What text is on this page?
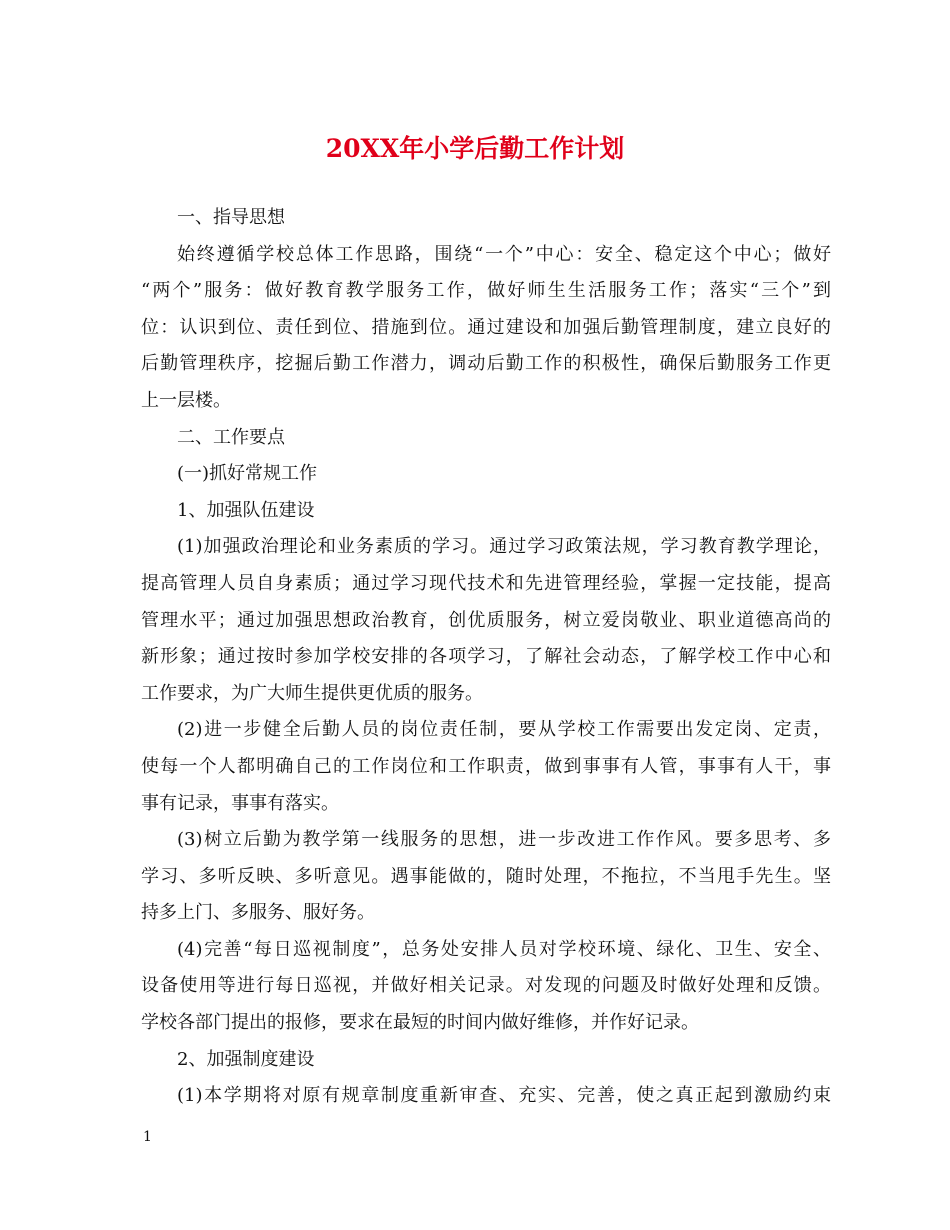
20XX年小学后勤工作计划
一、指导思想
始终遵循学校总体工作思路，围绕“一个”中心：安全、稳定这个中心；做好
“两个”服务：做好教育教学服务工作，做好师生生活服务工作；落实“三个”到
位：认识到位、责任到位、措施到位。通过建设和加强后勤管理制度，建立良好的
后勤管理秩序，挖掘后勤工作潜力，调动后勤工作的积极性，确保后勤服务工作更
上一层楼。
二、工作要点
(一)抓好常规工作
1、加强队伍建设
(1)加强政治理论和业务素质的学习。通过学习政策法规，学习教育教学理论，
提高管理人员自身素质；通过学习现代技术和先进管理经验，掌握一定技能，提高
管理水平；通过加强思想政治教育，创优质服务，树立爱岗敬业、职业道德高尚的
新形象；通过按时参加学校安排的各项学习，了解社会动态，了解学校工作中心和
工作要求，为广大师生提供更优质的服务。
(2)进一步健全后勤人员的岗位责任制，要从学校工作需要出发定岗、定责，
使每一个人都明确自己的工作岗位和工作职责，做到事事有人管，事事有人干，事
事有记录，事事有落实。
(3)树立后勤为教学第一线服务的思想，进一步改进工作作风。要多思考、多
学习、多听反映、多听意见。遇事能做的，随时处理，不拖拉，不当甩手先生。坚
持多上门、多服务、服好务。
(4)完善“每日巡视制度”，总务处安排人员对学校环境、绿化、卫生、安全、
设备使用等进行每日巡视，并做好相关记录。对发现的问题及时做好处理和反馈。
学校各部门提出的报修，要求在最短的时间内做好维修，并作好记录。
2、加强制度建设
(1)本学期将对原有规章制度重新审查、充实、完善，使之真正起到激励约束
1
